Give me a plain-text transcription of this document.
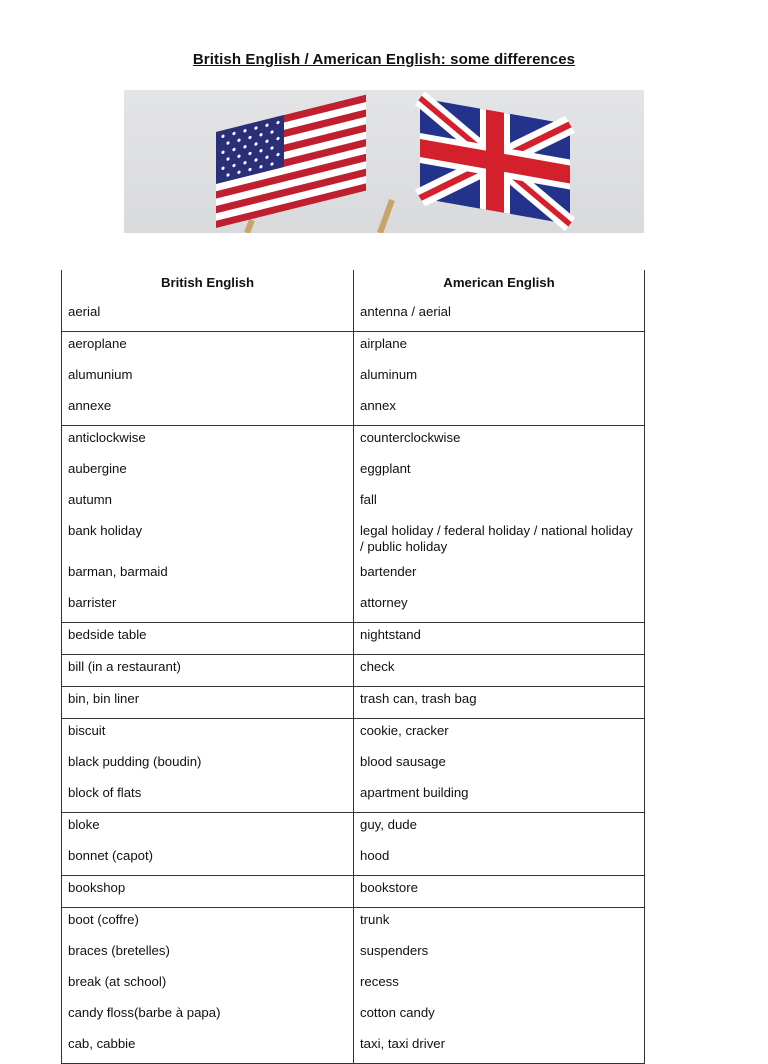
British English / American English: some differences
British English	American English
aerial	antenna / aerial
aeroplane	airplane
alumunium	aluminum
annexe	annex
anticlockwise	counterclockwise
aubergine	eggplant
autumn	fall
bank holiday	legal holiday / federal holiday / national holiday / public holiday
barman, barmaid	bartender
barrister	attorney
bedside table	nightstand
bill (in a restaurant)	check
bin, bin liner	trash can, trash bag
biscuit	cookie, cracker
black pudding (boudin)	blood sausage
block of flats	apartment building
bloke	guy, dude
bonnet (capot)	hood
bookshop	bookstore
boot (coffre)	trunk
braces (bretelles)	suspenders
break (at school)	recess
candy floss(barbe à papa)	cotton candy
cab, cabbie	taxi, taxi driver
